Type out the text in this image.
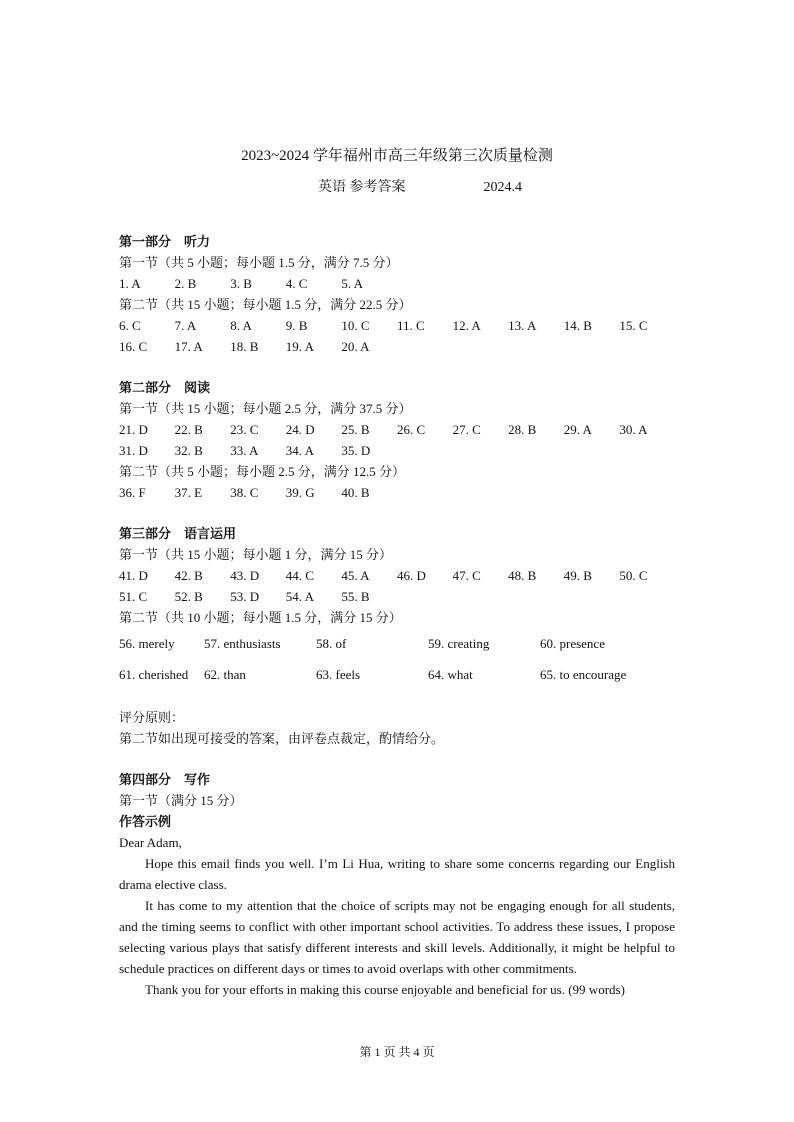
2023~2024 学年福州市高三年级第三次质量检测
英语 参考答案	2024.4
第一部分　听力
第一节（共 5 小题；每小题 1.5 分，满分 7.5 分）
1. A	2. B	3. B	4. C	5. A
第二节（共 15 小题；每小题 1.5 分，满分 22.5 分）
6. C	7. A	8. A	9. B	10. C	11. C	12. A	13. A	14. B	15. C
16. C	17. A	18. B	19. A	20. A
第二部分　阅读
第一节（共 15 小题；每小题 2.5 分，满分 37.5 分）
21. D	22. B	23. C	24. D	25. B	26. C	27. C	28. B	29. A	30. A
31. D	32. B	33. A	34. A	35. D
第二节（共 5 小题；每小题 2.5 分，满分 12.5 分）
36. F	37. E	38. C	39. G	40. B
第三部分　语言运用
第一节（共 15 小题；每小题 1 分，满分 15 分）
41. D	42. B	43. D	44. C	45. A	46. D	47. C	48. B	49. B	50. C
51. C	52. B	53. D	54. A	55. B
第二节（共 10 小题；每小题 1.5 分，满分 15 分）
56. merely	57. enthusiasts	58. of	59. creating	60. presence
61. cherished	62. than	63. feels	64. what	65. to encourage
评分原则：
第二节如出现可接受的答案，由评卷点裁定，酌情给分。
第四部分　写作
第一节（满分 15 分）
作答示例
Dear Adam,
Hope this email finds you well. I’m Li Hua, writing to share some concerns regarding our English drama elective class.
It has come to my attention that the choice of scripts may not be engaging enough for all students, and the timing seems to conflict with other important school activities. To address these issues, I propose selecting various plays that satisfy different interests and skill levels. Additionally, it might be helpful to schedule practices on different days or times to avoid overlaps with other commitments.
Thank you for your efforts in making this course enjoyable and beneficial for us. (99 words)
第 1 页 共 4 页
